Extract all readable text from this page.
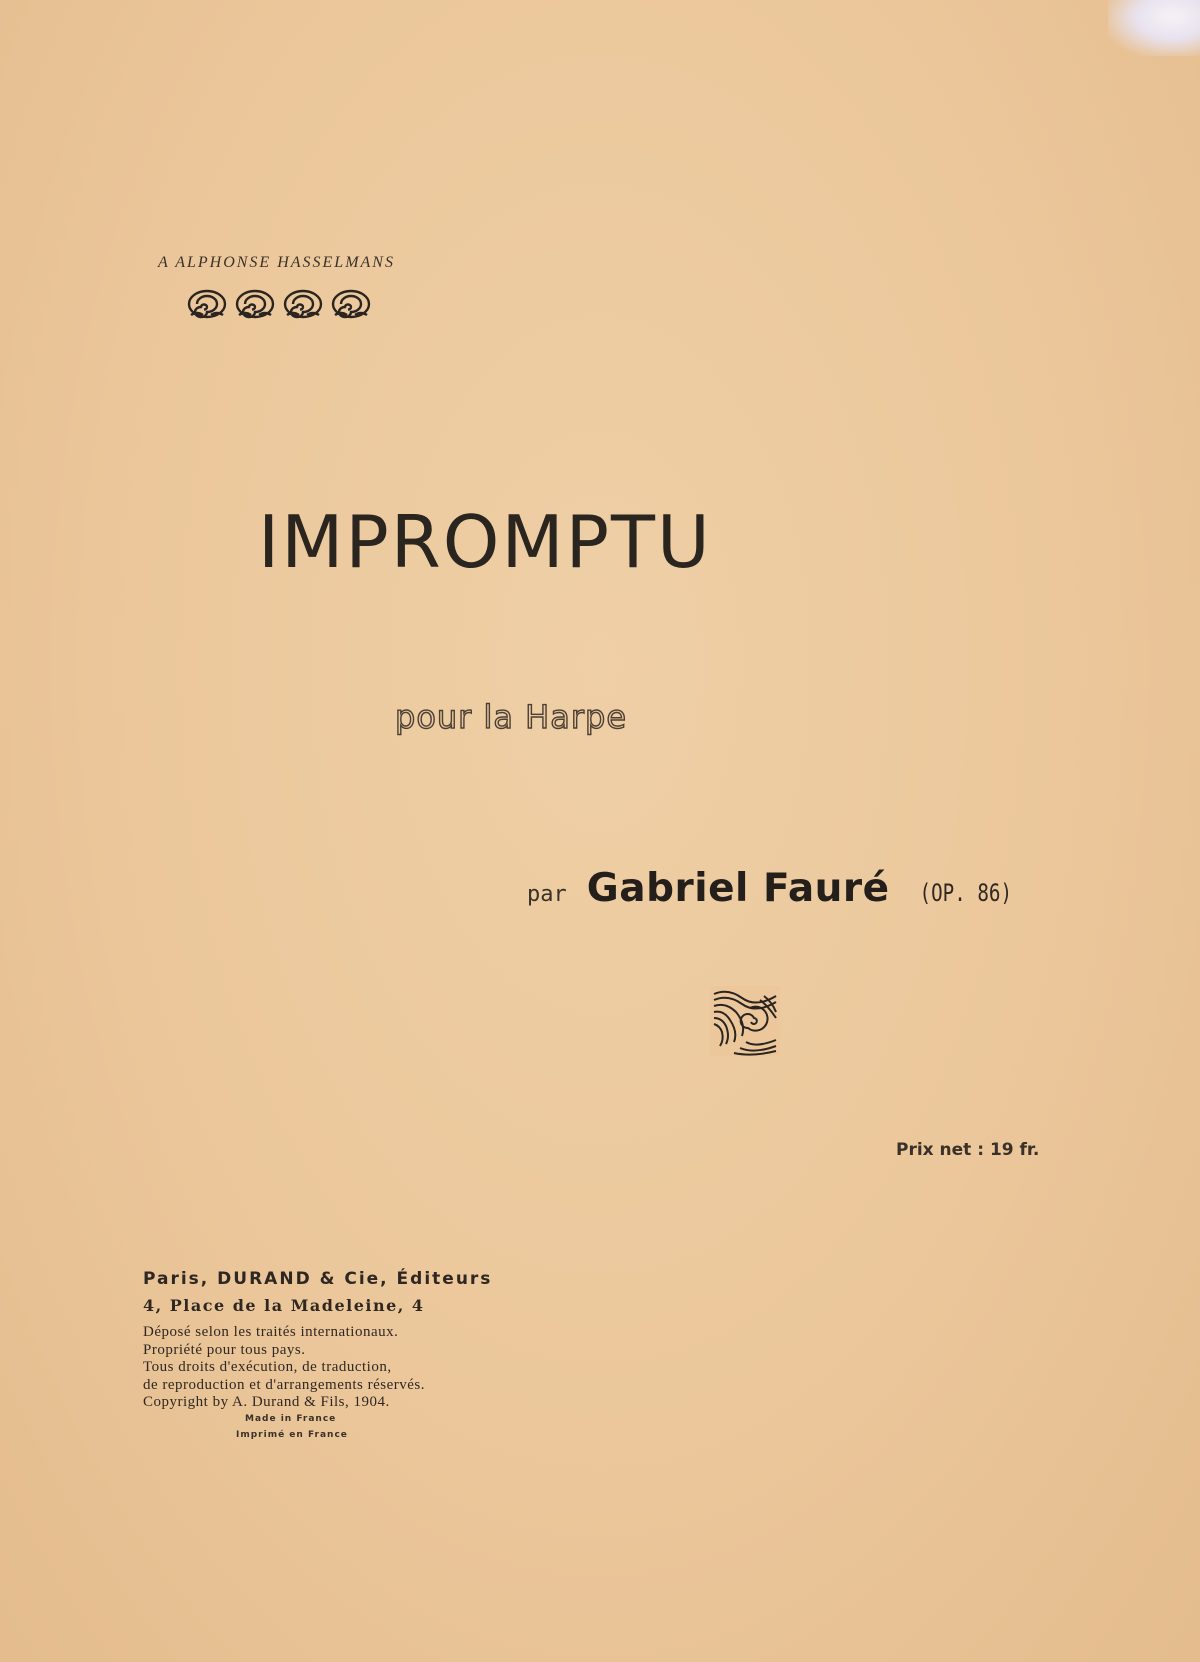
A ALPHONSE HASSELMANS
IMPROMPTU
pour la Harpe
par Gabriel Fauré (OP. 86)
Prix net : 19 fr.
Paris, DURAND & Cie, Éditeurs
4, Place de la Madeleine, 4
Déposé selon les traités internationaux.
Propriété pour tous pays.
Tous droits d'exécution, de traduction,
de reproduction et d'arrangements réservés.
Copyright by A. Durand & Fils, 1904.
Made in France
Imprimé en France
